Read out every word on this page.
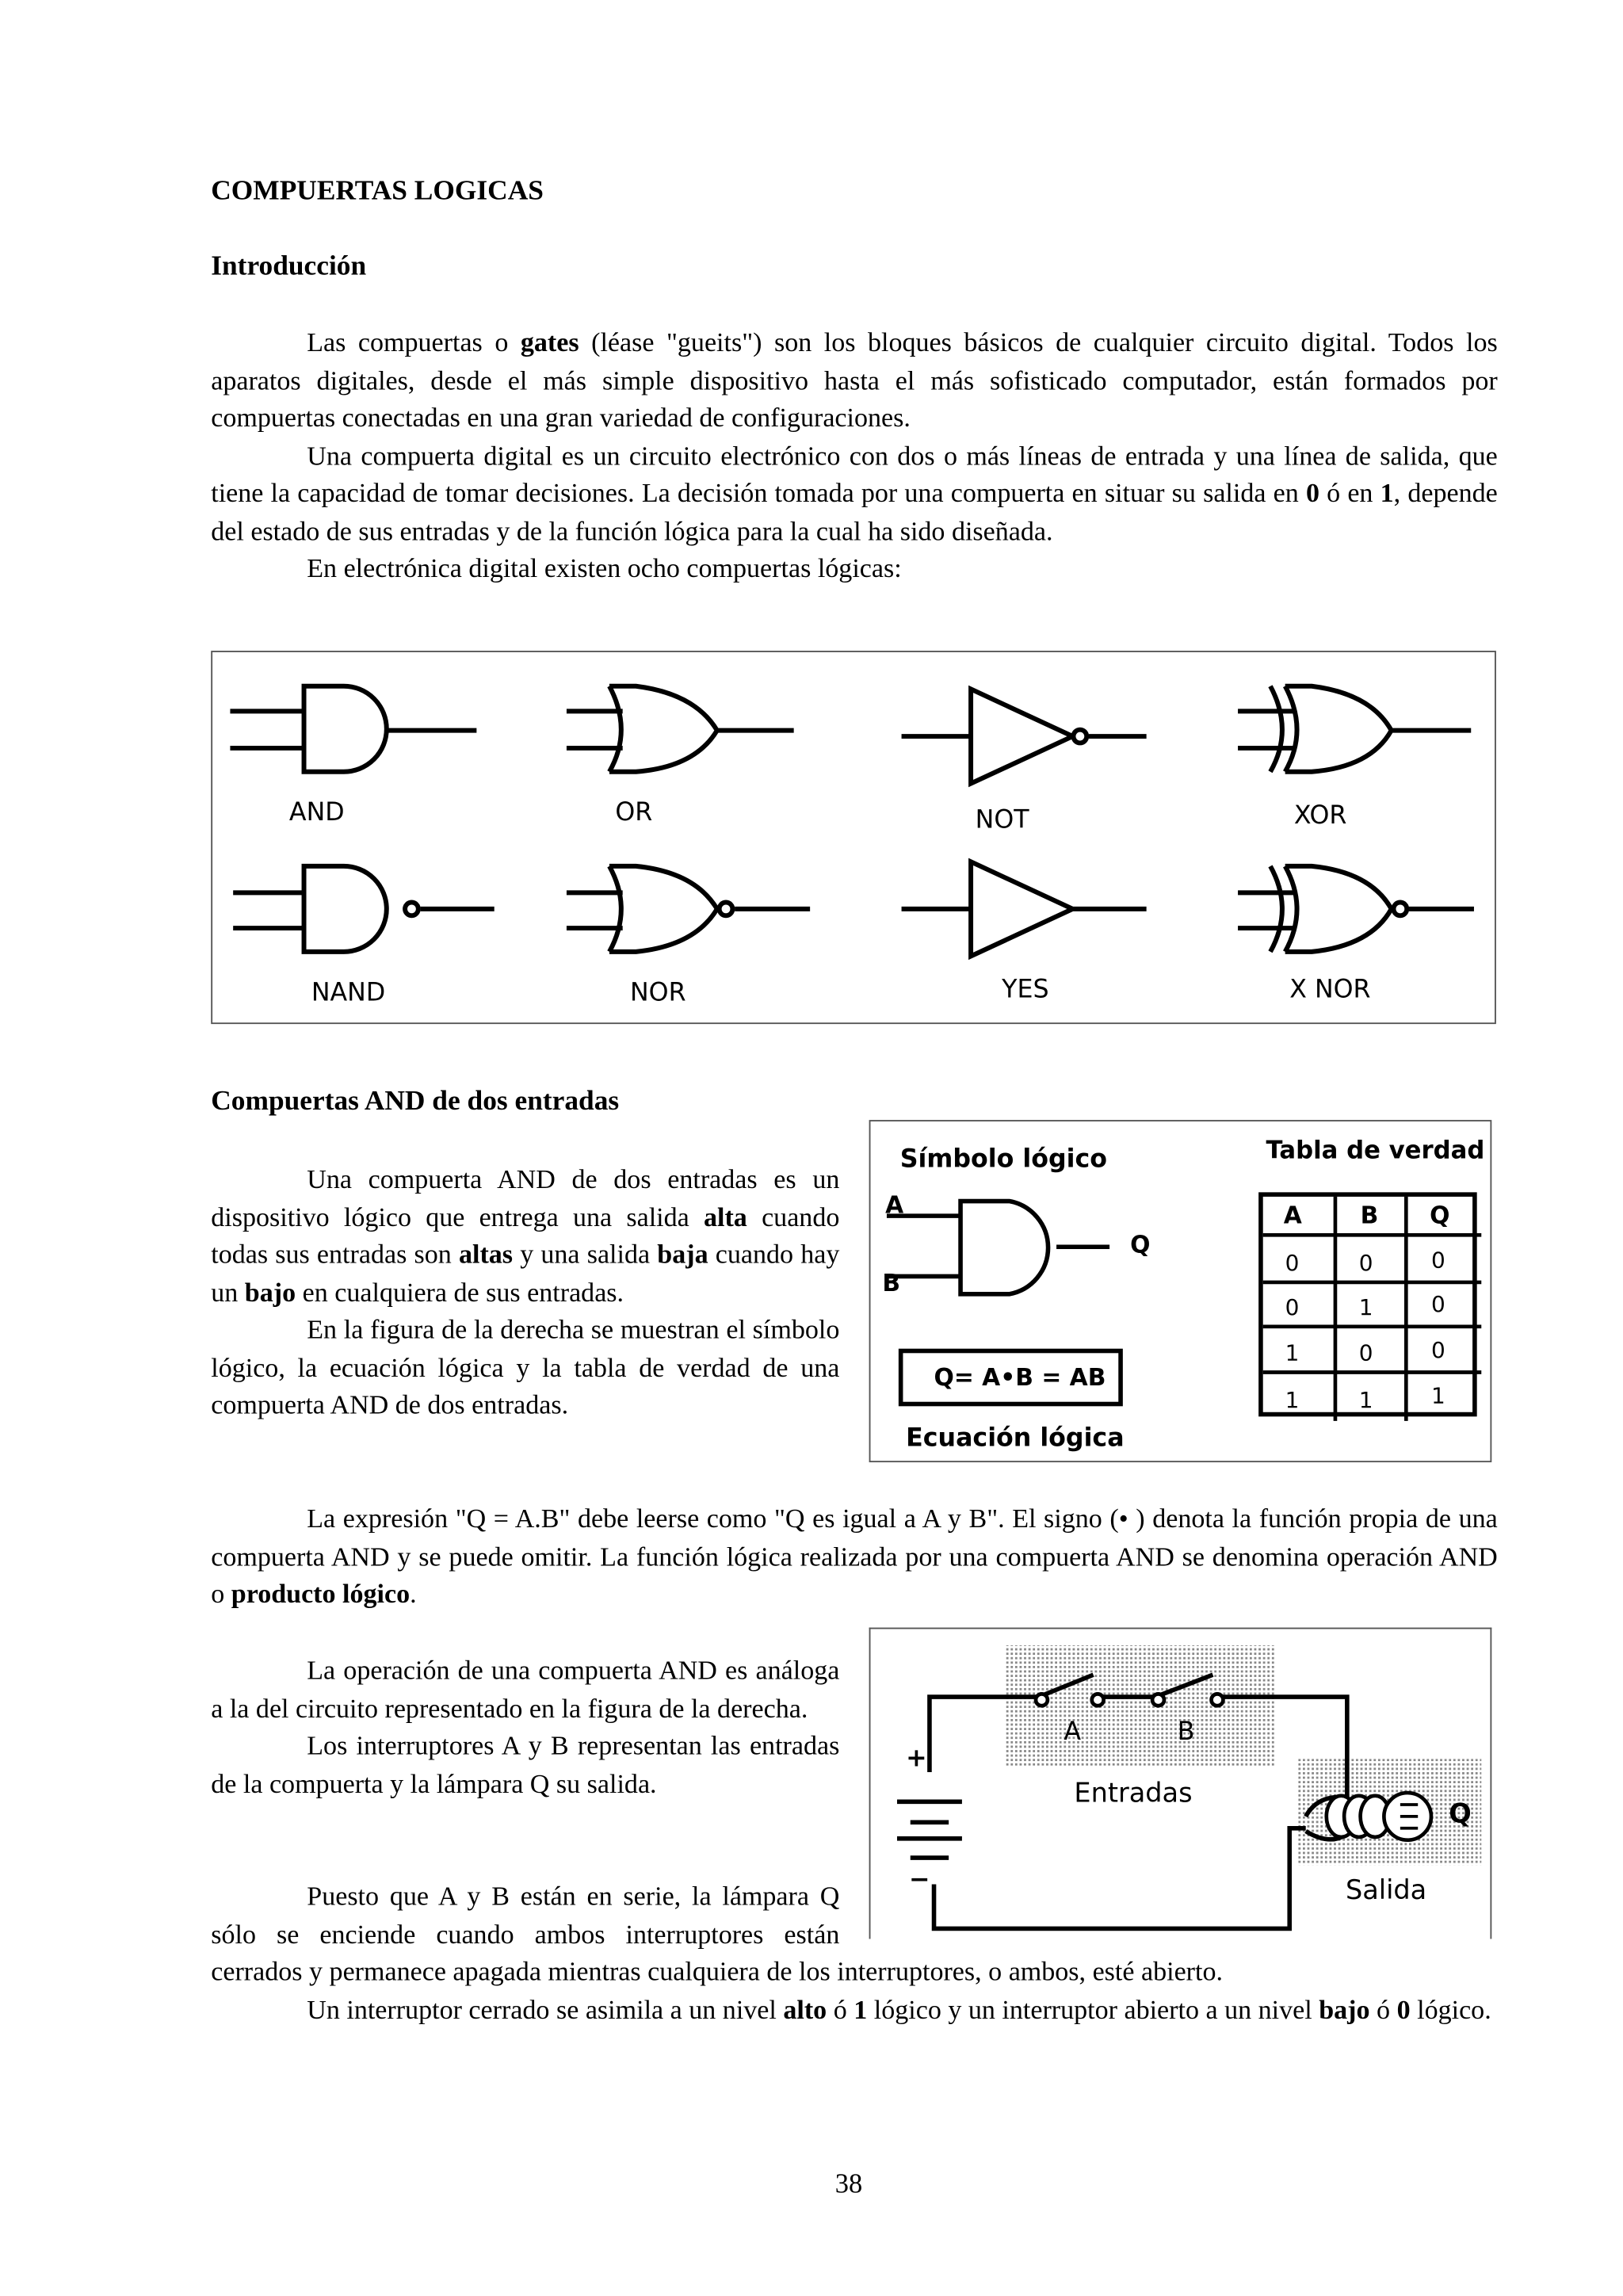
COMPUERTAS LOGICAS
Introducción

Las compuertas o gates (léase "gueits") son los bloques básicos de cualquier circuito digital. Todos los aparatos digitales, desde el más simple dispositivo hasta el más sofisticado computador, están formados por compuertas conectadas en una gran variedad de configuraciones.

Una compuerta digital es un circuito electrónico con dos o más líneas de entrada y una línea de salida, que tiene la capacidad de tomar decisiones. La decisión tomada por una compuerta en situar su salida en 0 ó en 1, depende del estado de sus entradas y de la función lógica para la cual ha sido diseñada.

En electrónica digital existen ocho compuertas lógicas:

AND	OR	NOT	XOR
NAND	NOR	YES	X NOR
Compuertas AND de dos entradas

Una compuerta AND de dos entradas es un dispositivo lógico que entrega una salida alta cuando todas sus entradas son altas y una salida baja cuando hay un bajo en cualquiera de sus entradas.

En la figura de la derecha se muestran el símbolo lógico, la ecuación lógica y la tabla de verdad de una compuerta AND de dos entradas.

Símbolo lógico
A
B
Q
Q= A•B = AB
Ecuación lógica
Tabla de verdad
A	B	Q
0	0	0
0	1	0
1	0	0
1	1	1

La expresión "Q = A.B" debe leerse como "Q es igual a A y B". El signo (• ) denota la función propia de una compuerta AND y se puede omitir. La función lógica realizada por una compuerta AND se denomina operación AND o producto lógico.

La operación de una compuerta AND es análoga a la del circuito representado en la figura de la derecha.

Los interruptores A y B representan las entradas de la compuerta y la lámpara Q su salida.

+
−
A	B
Entradas
Q
Salida

Puesto que A y B están en serie, la lámpara Q sólo se enciende cuando ambos interruptores están cerrados y permanece apagada mientras cualquiera de los interruptores, o ambos, esté abierto.

Un interruptor cerrado se asimila a un nivel alto ó 1 lógico y un interruptor abierto a un nivel bajo ó 0 lógico.

38
